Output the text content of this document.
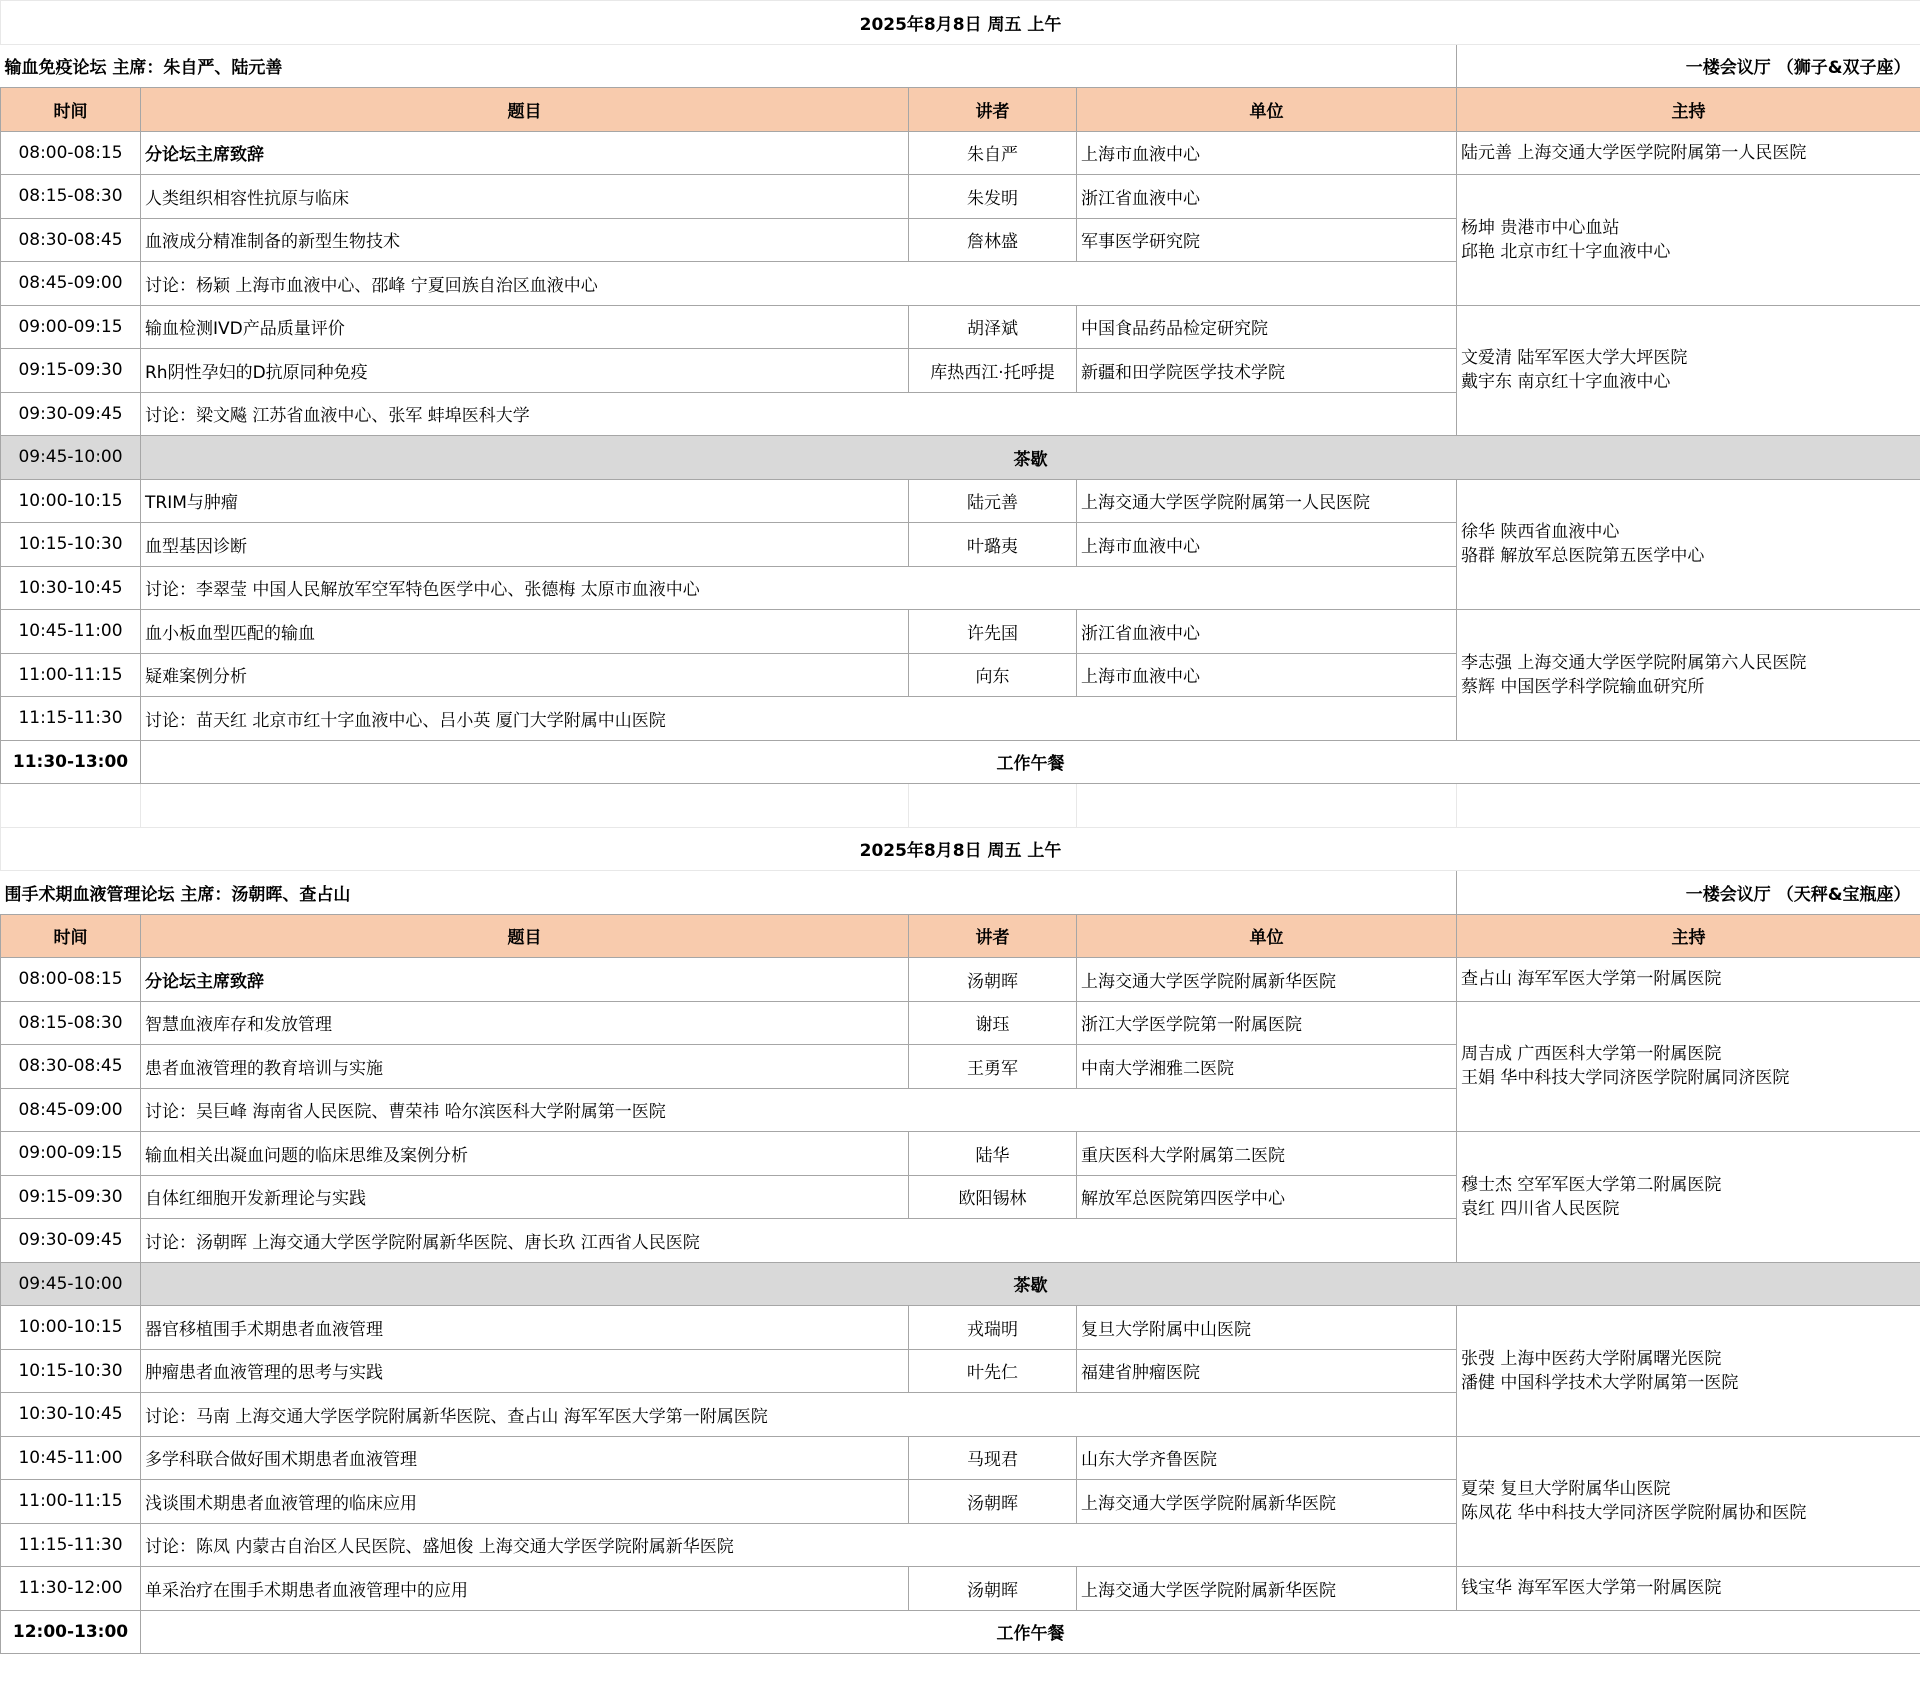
2025年8月8日 周五 上午				
输血免疫论坛 主席：朱自严、陆元善				一楼会议厅 （狮子&双子座）
时间	题目	讲者	单位	主持
08:00-08:15	分论坛主席致辞	朱自严	上海市血液中心	陆元善 上海交通大学医学院附属第一人民医院
08:15-08:30	人类组织相容性抗原与临床	朱发明	浙江省血液中心	杨坤 贵港市中心血站
邱艳 北京市红十字血液中心
08:30-08:45	血液成分精准制备的新型生物技术	詹林盛	军事医学研究院	
08:45-09:00	讨论：杨颖 上海市血液中心、邵峰 宁夏回族自治区血液中心			
09:00-09:15	输血检测IVD产品质量评价	胡泽斌	中国食品药品检定研究院	文爱清 陆军军医大学大坪医院
戴宇东 南京红十字血液中心
09:15-09:30	Rh阴性孕妇的D抗原同种免疫	库热西江·托呼提	新疆和田学院医学技术学院	
09:30-09:45	讨论：梁文飚 江苏省血液中心、张军 蚌埠医科大学			
09:45-10:00	茶歇			
10:00-10:15	TRIM与肿瘤	陆元善	上海交通大学医学院附属第一人民医院	徐华 陕西省血液中心
骆群 解放军总医院第五医学中心
10:15-10:30	血型基因诊断	叶璐夷	上海市血液中心	
10:30-10:45	讨论：李翠莹 中国人民解放军空军特色医学中心、张德梅 太原市血液中心			
10:45-11:00	血小板血型匹配的输血	许先国	浙江省血液中心	李志强 上海交通大学医学院附属第六人民医院
蔡辉 中国医学科学院输血研究所
11:00-11:15	疑难案例分析	向东	上海市血液中心	
11:15-11:30	讨论：苗天红 北京市红十字血液中心、吕小英 厦门大学附属中山医院			
11:30-13:00	工作午餐			

2025年8月8日 周五 上午				
围手术期血液管理论坛 主席：汤朝晖、查占山				一楼会议厅 （天秤&宝瓶座）
时间	题目	讲者	单位	主持
08:00-08:15	分论坛主席致辞	汤朝晖	上海交通大学医学院附属新华医院	查占山 海军军医大学第一附属医院
08:15-08:30	智慧血液库存和发放管理	谢珏	浙江大学医学院第一附属医院	周吉成 广西医科大学第一附属医院
王娟 华中科技大学同济医学院附属同济医院
08:30-08:45	患者血液管理的教育培训与实施	王勇军	中南大学湘雅二医院	
08:45-09:00	讨论：吴巨峰 海南省人民医院、曹荣祎 哈尔滨医科大学附属第一医院			
09:00-09:15	输血相关出凝血问题的临床思维及案例分析	陆华	重庆医科大学附属第二医院	穆士杰 空军军医大学第二附属医院
袁红 四川省人民医院
09:15-09:30	自体红细胞开发新理论与实践	欧阳锡林	解放军总医院第四医学中心	
09:30-09:45	讨论：汤朝晖 上海交通大学医学院附属新华医院、唐长玖 江西省人民医院			
09:45-10:00	茶歇			
10:00-10:15	器官移植围手术期患者血液管理	戎瑞明	复旦大学附属中山医院	张弢 上海中医药大学附属曙光医院
潘健 中国科学技术大学附属第一医院
10:15-10:30	肿瘤患者血液管理的思考与实践	叶先仁	福建省肿瘤医院	
10:30-10:45	讨论：马南 上海交通大学医学院附属新华医院、查占山 海军军医大学第一附属医院			
10:45-11:00	多学科联合做好围术期患者血液管理	马现君	山东大学齐鲁医院	夏荣 复旦大学附属华山医院
陈凤花 华中科技大学同济医学院附属协和医院
11:00-11:15	浅谈围术期患者血液管理的临床应用	汤朝晖	上海交通大学医学院附属新华医院	
11:15-11:30	讨论：陈凤 内蒙古自治区人民医院、盛旭俊 上海交通大学医学院附属新华医院			
11:30-12:00	单采治疗在围手术期患者血液管理中的应用	汤朝晖	上海交通大学医学院附属新华医院	钱宝华 海军军医大学第一附属医院
12:00-13:00	工作午餐			
